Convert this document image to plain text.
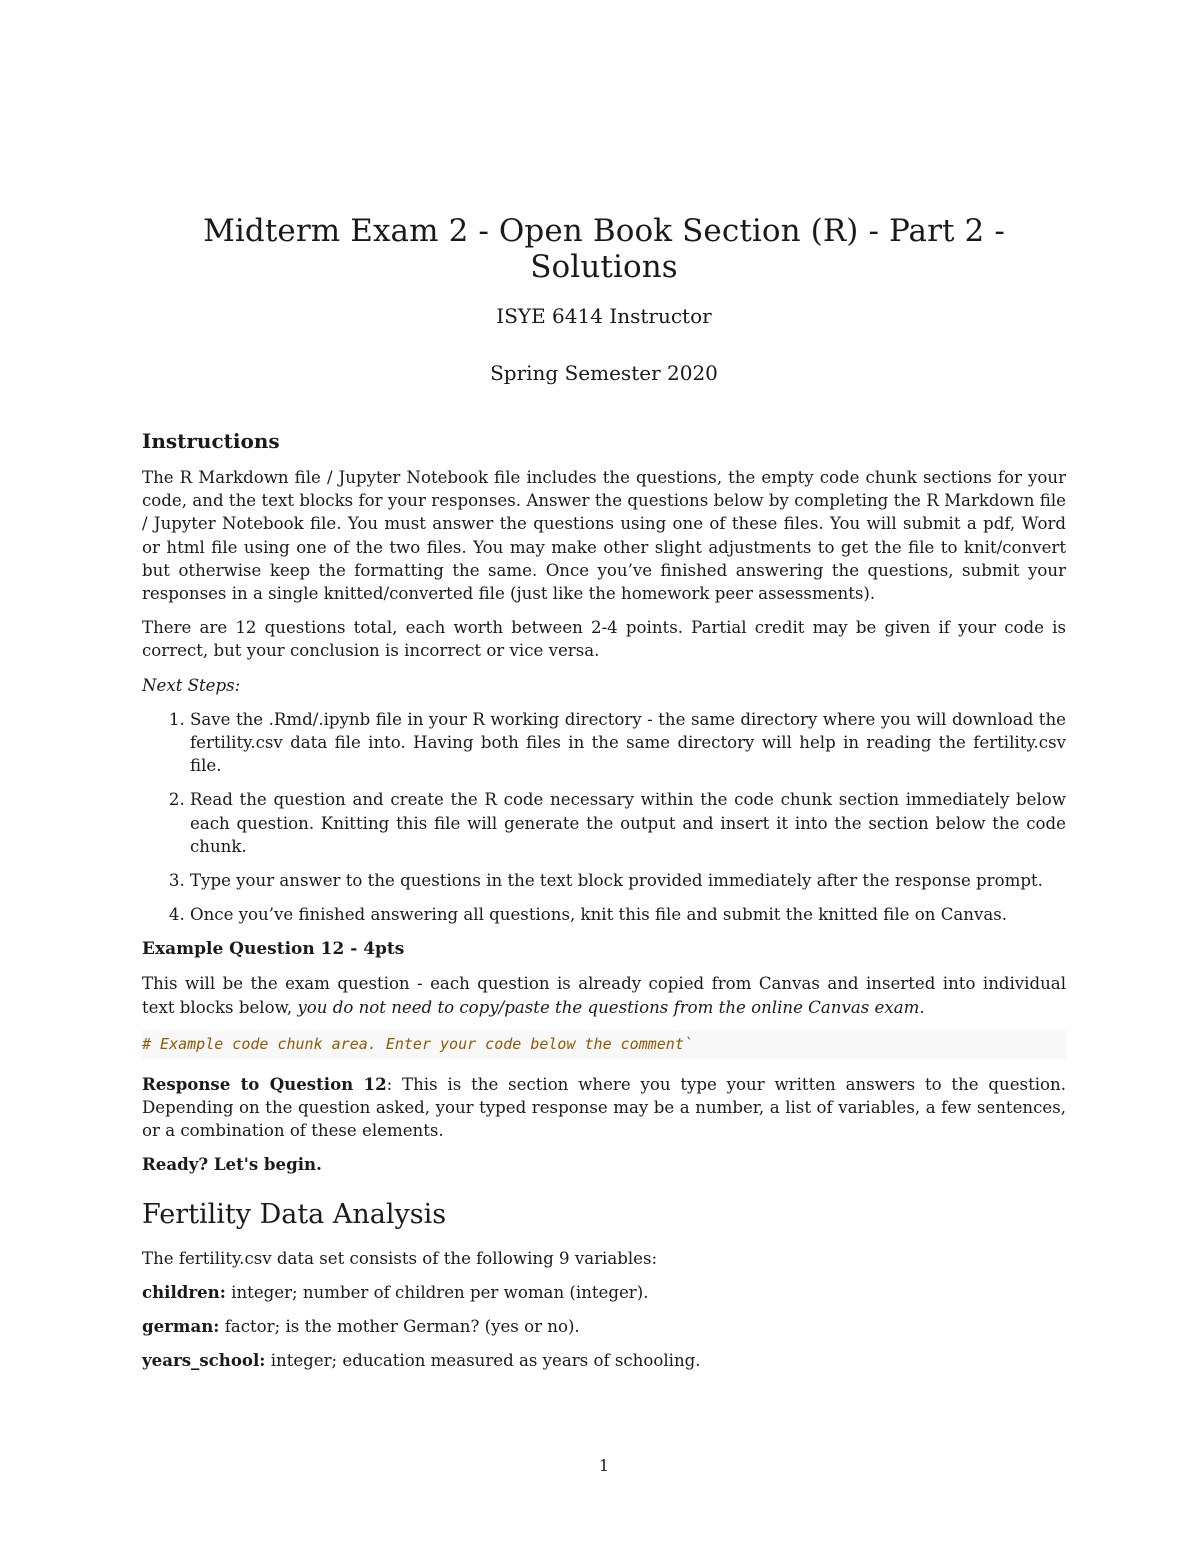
Midterm Exam 2 - Open Book Section (R) - Part 2 - Solutions
ISYE 6414 Instructor
Spring Semester 2020
Instructions

The R Markdown file / Jupyter Notebook file includes the questions, the empty code chunk sections for your code, and the text blocks for your responses. Answer the questions below by completing the R Markdown file / Jupyter Notebook file. You must answer the questions using one of these files. You will submit a pdf, Word or html file using one of the two files. You may make other slight adjustments to get the file to knit/convert but otherwise keep the formatting the same. Once you’ve finished answering the questions, submit your responses in a single knitted/converted file (just like the homework peer assessments).

There are 12 questions total, each worth between 2-4 points. Partial credit may be given if your code is correct, but your conclusion is incorrect or vice versa.

Next Steps:

1. Save the .Rmd/.ipynb file in your R working directory - the same directory where you will download the fertility.csv data file into. Having both files in the same directory will help in reading the fertility.csv file.
2. Read the question and create the R code necessary within the code chunk section immediately below each question. Knitting this file will generate the output and insert it into the section below the code chunk.
3. Type your answer to the questions in the text block provided immediately after the response prompt.
4. Once you’ve finished answering all questions, knit this file and submit the knitted file on Canvas.
Example Question 12 - 4pts

This will be the exam question - each question is already copied from Canvas and inserted into individual text blocks below, you do not need to copy/paste the questions from the online Canvas exam.

# Example code chunk area. Enter your code below the comment`

Response to Question 12: This is the section where you type your written answers to the question. Depending on the question asked, your typed response may be a number, a list of variables, a few sentences, or a combination of these elements.

Ready? Let's begin.

Fertility Data Analysis

The fertility.csv data set consists of the following 9 variables:

children: integer; number of children per woman (integer).

german: factor; is the mother German? (yes or no).

years_school: integer; education measured as years of schooling.

1
